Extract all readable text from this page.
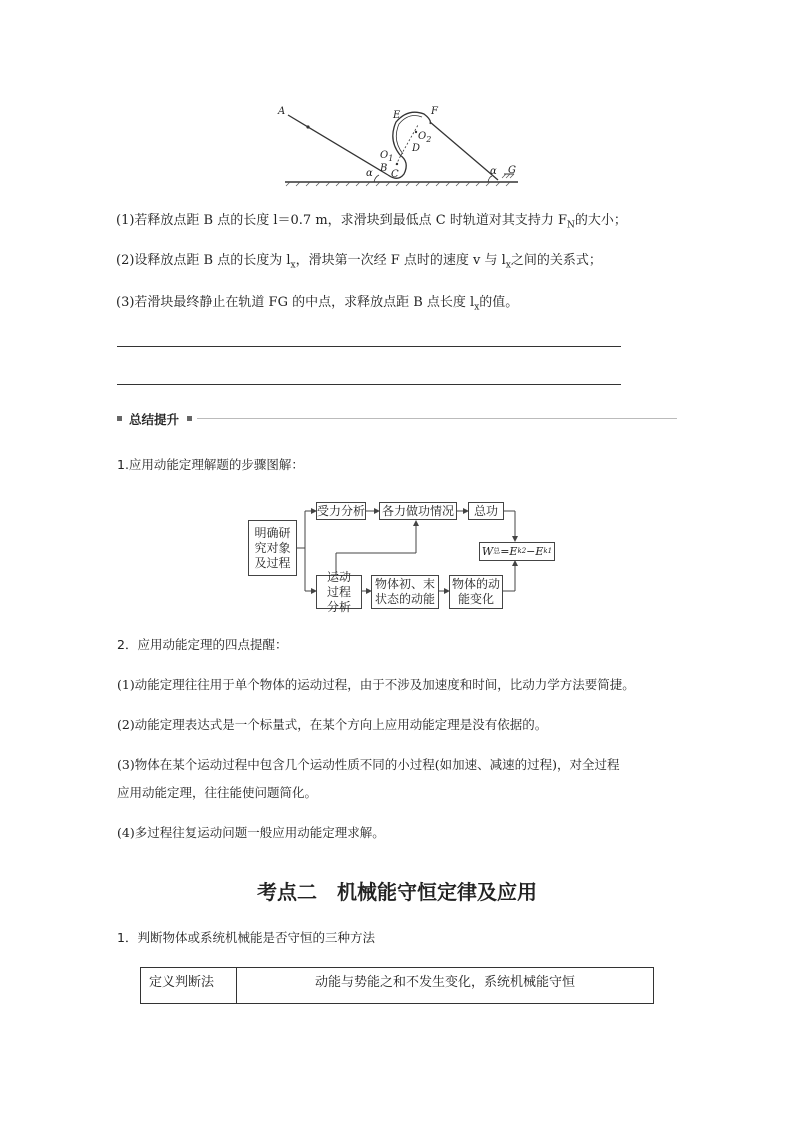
A	E	F
$O_2$
D
$O_1$
B
C
α	α G
(1)若释放点距 B 点的长度 l＝0.7 m，求滑块到最低点 C 时轨道对其支持力 $F_N$的大小；
(2)设释放点距 B 点的长度为 $l_x$，滑块第一次经 F 点时的速度 v 与 $l_x$之间的关系式；
(3)若滑块最终静止在轨道 FG 的中点，求释放点距 B 点长度 $l_x$的值。
总结提升
1.应用动能定理解题的步骤图解：
明确研究对象及过程
受力分析 各力做功情况 总功
W 总 =E k2 −E k1
运动过程分析
物体初、末状态的动能
物体的动能变化
2．应用动能定理的四点提醒：
(1)动能定理往往用于单个物体的运动过程，由于不涉及加速度和时间，比动力学方法要简捷。
(2)动能定理表达式是一个标量式，在某个方向上应用动能定理是没有依据的。
(3)物体在某个运动过程中包含几个运动性质不同的小过程(如加速、减速的过程)，对全过程
应用动能定理，往往能使问题简化。
(4)多过程往复运动问题一般应用动能定理求解。
考点二　机械能守恒定律及应用
1．判断物体或系统机械能是否守恒的三种方法
定义判断法	动能与势能之和不发生变化，系统机械能守恒
